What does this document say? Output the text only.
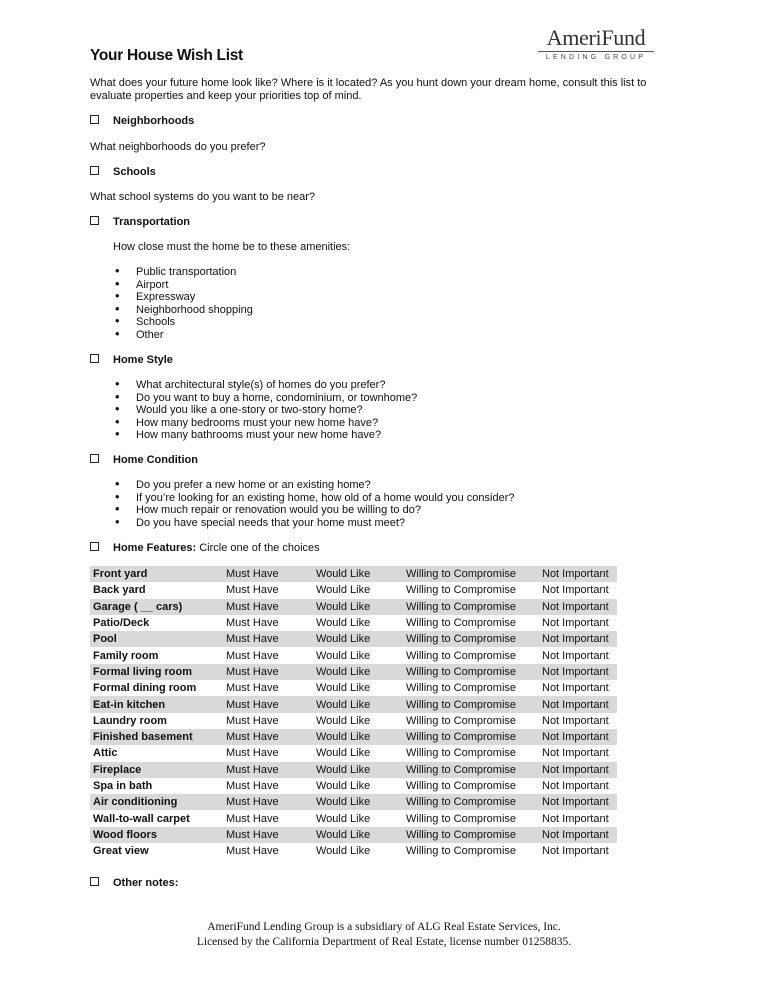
AmeriFund
LENDING GROUP
Your House Wish List
What does your future home look like? Where is it located? As you hunt down your dream home, consult this list to evaluate properties and keep your priorities top of mind.
Neighborhoods
What neighborhoods do you prefer?
Schools
What school systems do you want to be near?
Transportation
How close must the home be to these amenities:
• Public transportation
• Airport
• Expressway
• Neighborhood shopping
• Schools
• Other
Home Style
• What architectural style(s) of homes do you prefer?
• Do you want to buy a home, condominium, or townhome?
• Would you like a one-story or two-story home?
• How many bedrooms must your new home have?
• How many bathrooms must your new home have?
Home Condition
• Do you prefer a new home or an existing home?
• If you’re looking for an existing home, how old of a home would you consider?
• How much repair or renovation would you be willing to do?
• Do you have special needs that your home must meet?
Home Features: Circle one of the choices
Front yard	Must Have	Would Like	Willing to Compromise	Not Important
Back yard	Must Have	Would Like	Willing to Compromise	Not Important
Garage ( __ cars)	Must Have	Would Like	Willing to Compromise	Not Important
Patio/Deck	Must Have	Would Like	Willing to Compromise	Not Important
Pool	Must Have	Would Like	Willing to Compromise	Not Important
Family room	Must Have	Would Like	Willing to Compromise	Not Important
Formal living room	Must Have	Would Like	Willing to Compromise	Not Important
Formal dining room	Must Have	Would Like	Willing to Compromise	Not Important
Eat-in kitchen	Must Have	Would Like	Willing to Compromise	Not Important
Laundry room	Must Have	Would Like	Willing to Compromise	Not Important
Finished basement	Must Have	Would Like	Willing to Compromise	Not Important
Attic	Must Have	Would Like	Willing to Compromise	Not Important
Fireplace	Must Have	Would Like	Willing to Compromise	Not Important
Spa in bath	Must Have	Would Like	Willing to Compromise	Not Important
Air conditioning	Must Have	Would Like	Willing to Compromise	Not Important
Wall-to-wall carpet	Must Have	Would Like	Willing to Compromise	Not Important
Wood floors	Must Have	Would Like	Willing to Compromise	Not Important
Great view	Must Have	Would Like	Willing to Compromise	Not Important
Other notes:
AmeriFund Lending Group is a subsidiary of ALG Real Estate Services, Inc.
Licensed by the California Department of Real Estate, license number 01258835.
